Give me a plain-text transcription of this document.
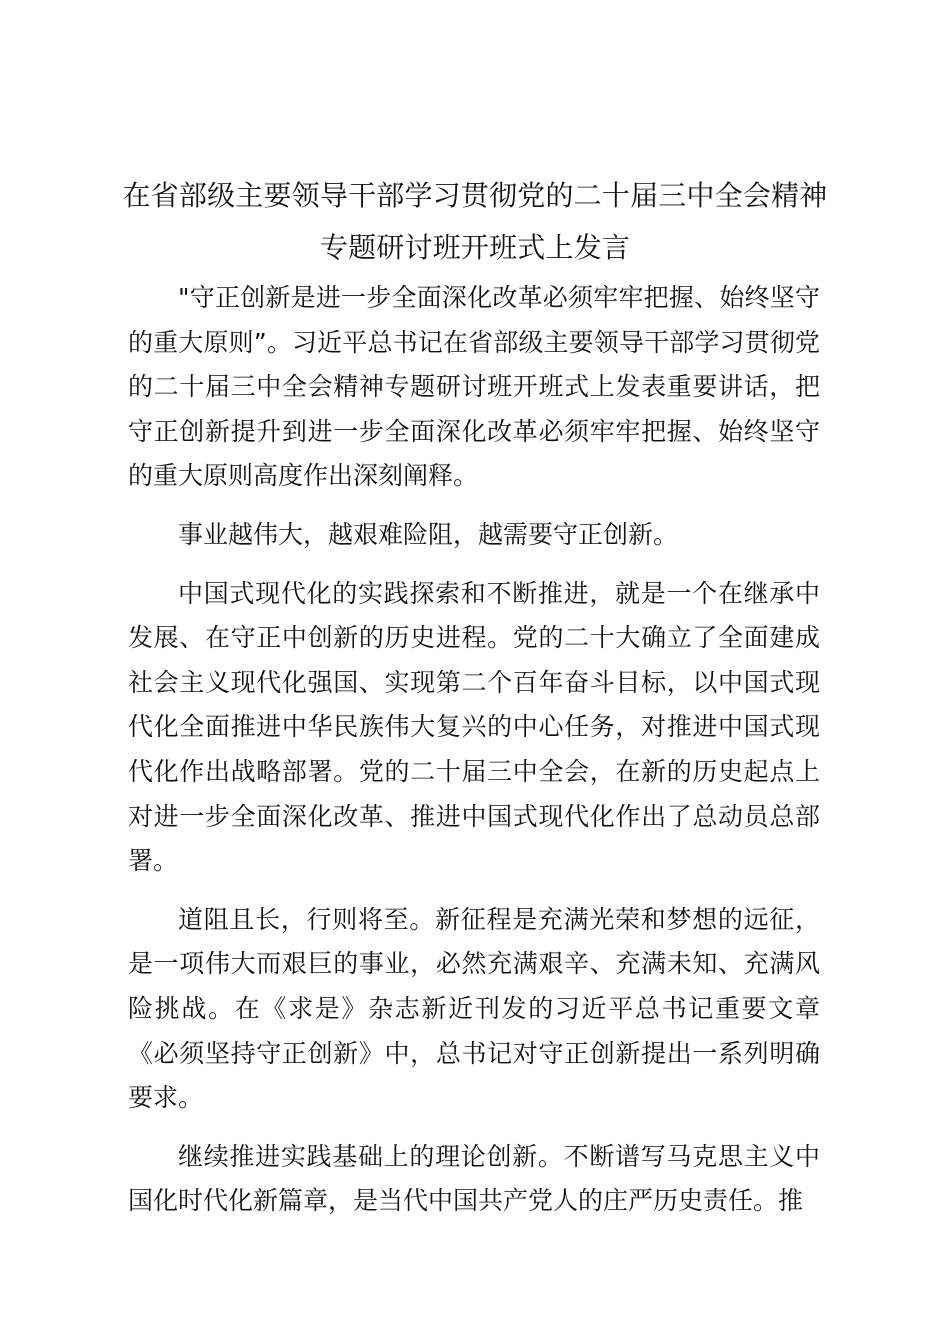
在省部级主要领导干部学习贯彻党的二十届三中全会精神专题研讨班开班式上发言

"守正创新是进一步全面深化改革必须牢牢把握、始终坚守的重大原则”。习近平总书记在省部级主要领导干部学习贯彻党的二十届三中全会精神专题研讨班开班式上发表重要讲话，把守正创新提升到进一步全面深化改革必须牢牢把握、始终坚守的重大原则高度作出深刻阐释。

事业越伟大，越艰难险阻，越需要守正创新。

中国式现代化的实践探索和不断推进，就是一个在继承中发展、在守正中创新的历史进程。党的二十大确立了全面建成社会主义现代化强国、实现第二个百年奋斗目标，以中国式现代化全面推进中华民族伟大复兴的中心任务，对推进中国式现代化作出战略部署。党的二十届三中全会，在新的历史起点上对进一步全面深化改革、推进中国式现代化作出了总动员总部署。

道阻且长，行则将至。新征程是充满光荣和梦想的远征，是一项伟大而艰巨的事业，必然充满艰辛、充满未知、充满风险挑战。在《求是》杂志新近刊发的习近平总书记重要文章《必须坚持守正创新》中，总书记对守正创新提出一系列明确要求。

继续推进实践基础上的理论创新。不断谱写马克思主义中国化时代化新篇章，是当代中国共产党人的庄严历史责任。推
